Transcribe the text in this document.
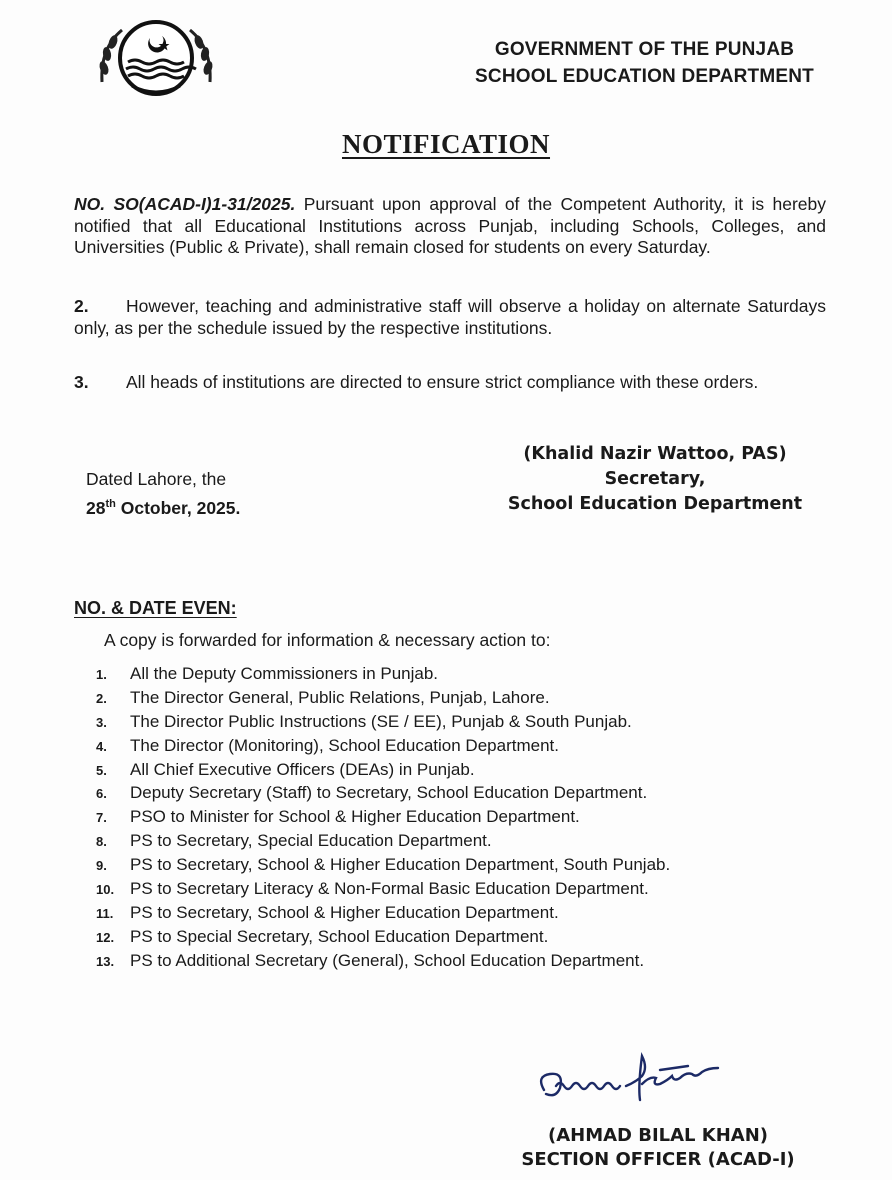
GOVERNMENT OF THE PUNJAB
SCHOOL EDUCATION DEPARTMENT
NOTIFICATION
NO. SO(ACAD-I)1-31/2025. Pursuant upon approval of the Competent Authority, it is hereby notified that all Educational Institutions across Punjab, including Schools, Colleges, and Universities (Public & Private), shall remain closed for students on every Saturday.
2. However, teaching and administrative staff will observe a holiday on alternate Saturdays only, as per the schedule issued by the respective institutions.
3. All heads of institutions are directed to ensure strict compliance with these orders.
(Khalid Nazir Wattoo, PAS)
Secretary,
School Education Department
Dated Lahore, the
28th October, 2025.
NO. & DATE EVEN:
A copy is forwarded for information & necessary action to:
1. All the Deputy Commissioners in Punjab.
2. The Director General, Public Relations, Punjab, Lahore.
3. The Director Public Instructions (SE / EE), Punjab & South Punjab.
4. The Director (Monitoring), School Education Department.
5. All Chief Executive Officers (DEAs) in Punjab.
6. Deputy Secretary (Staff) to Secretary, School Education Department.
7. PSO to Minister for School & Higher Education Department.
8. PS to Secretary, Special Education Department.
9. PS to Secretary, School & Higher Education Department, South Punjab.
10. PS to Secretary Literacy & Non-Formal Basic Education Department.
11. PS to Secretary, School & Higher Education Department.
12. PS to Special Secretary, School Education Department.
13. PS to Additional Secretary (General), School Education Department.
(AHMAD BILAL KHAN)
SECTION OFFICER (ACAD-I)
